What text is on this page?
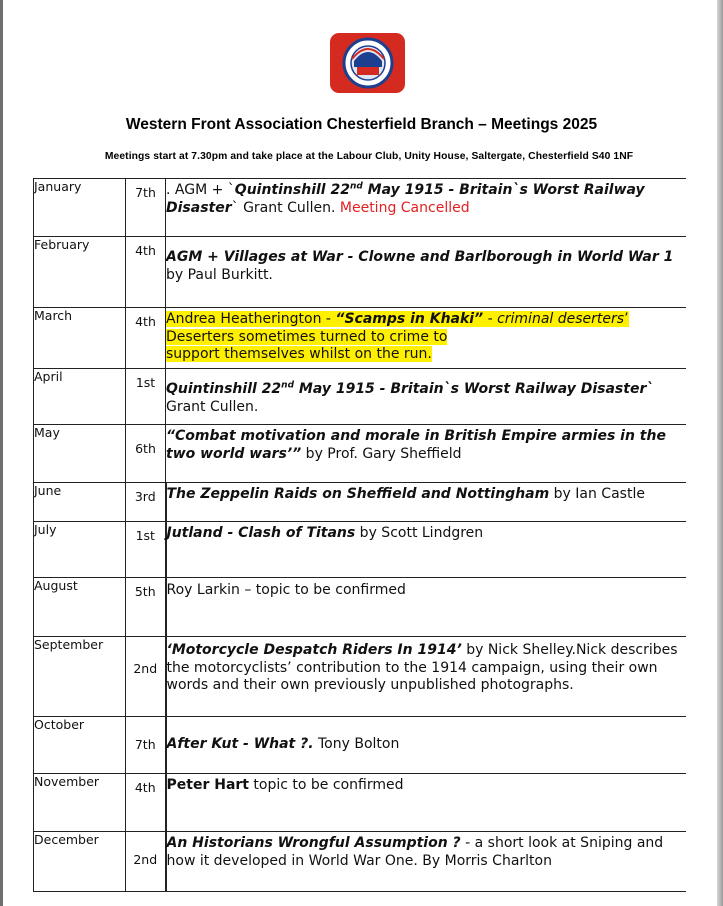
Western Front Association Chesterfield Branch – Meetings 2025
Meetings start at 7.30pm and take place at the Labour Club, Unity House, Saltergate, Chesterfield S40 1NF
January	7th	. AGM + `Quintinshill 22nd May 1915 - Britain`s Worst Railway Disaster` Grant Cullen. Meeting Cancelled
February	4th	AGM + Villages at War - Clowne and Barlborough in World War 1 by Paul Burkitt.
March	4th	Andrea Heatherington - “Scamps in Khaki” - criminal deserters’
Deserters sometimes turned to crime to support themselves whilst on the run.
April	1st	Quintinshill 22nd May 1915 - Britain`s Worst Railway Disaster` Grant Cullen.
May	6th	“Combat motivation and morale in British Empire armies in the two world wars’” by Prof. Gary Sheffield
June	3rd	The Zeppelin Raids on Sheffield and Nottingham by Ian Castle
July	1st	Jutland - Clash of Titans by Scott Lindgren
August	5th	Roy Larkin – topic to be confirmed
September	2nd	‘Motorcycle Despatch Riders In 1914’ by Nick Shelley.Nick describes the motorcyclists’ contribution to the 1914 campaign, using their own words and their own previously unpublished photographs.
October	7th	After Kut - What ?. Tony Bolton
November	4th	Peter Hart topic to be confirmed
December	2nd	An Historians Wrongful Assumption ? - a short look at Sniping and how it developed in World War One. By Morris Charlton
